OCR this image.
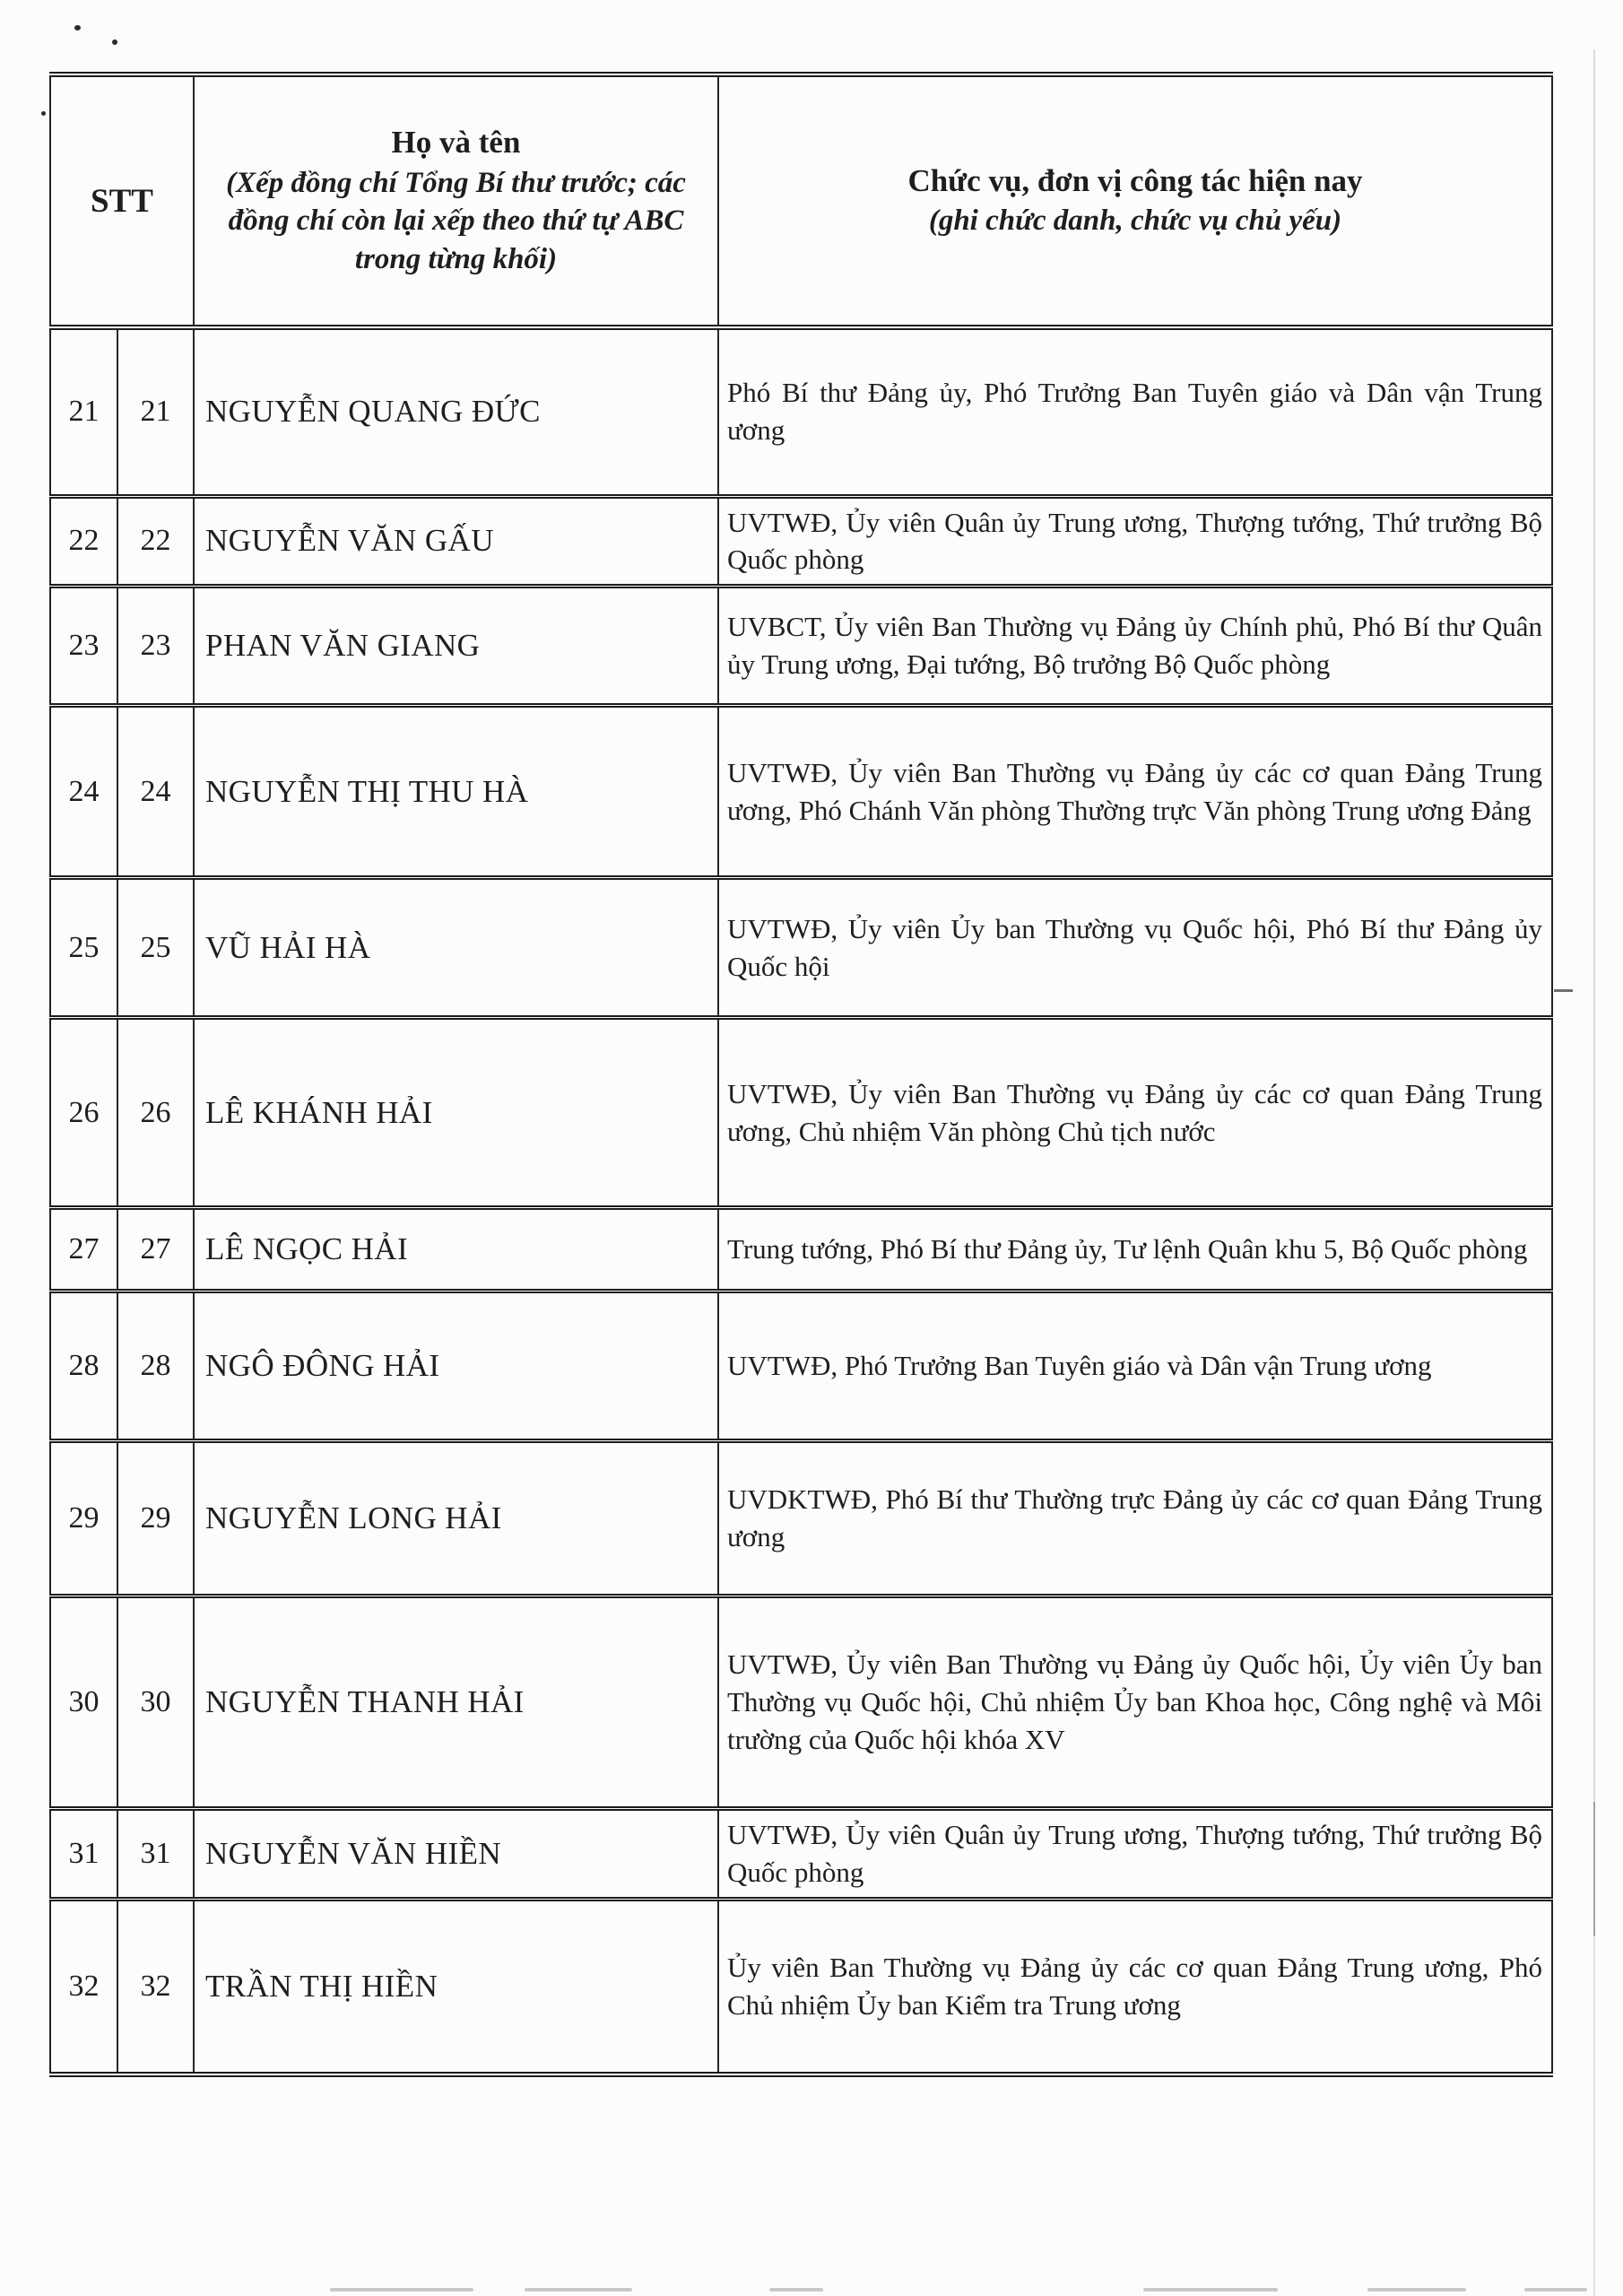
STT	
Họ và tên
(Xếp đồng chí Tổng Bí thư trước; các đồng chí còn lại xếp theo thứ tự ABC trong từng khối)

Chức vụ, đơn vị công tác hiện nay
(ghi chức danh, chức vụ chủ yếu)

21	21	NGUYỄN QUANG ĐỨC	Phó Bí thư Đảng ủy, Phó Trưởng Ban Tuyên giáo và Dân vận Trung ương
22	22	NGUYỄN VĂN GẤU	UVTWĐ, Ủy viên Quân ủy Trung ương, Thượng tướng, Thứ trưởng Bộ Quốc phòng
23	23	PHAN VĂN GIANG	UVBCT, Ủy viên Ban Thường vụ Đảng ủy Chính phủ, Phó Bí thư Quân ủy Trung ương, Đại tướng, Bộ trưởng Bộ Quốc phòng
24	24	NGUYỄN THỊ THU HÀ	UVTWĐ, Ủy viên Ban Thường vụ Đảng ủy các cơ quan Đảng Trung ương, Phó Chánh Văn phòng Thường trực Văn phòng Trung ương Đảng
25	25	VŨ HẢI HÀ	UVTWĐ, Ủy viên Ủy ban Thường vụ Quốc hội, Phó Bí thư Đảng ủy Quốc hội
26	26	LÊ KHÁNH HẢI	UVTWĐ, Ủy viên Ban Thường vụ Đảng ủy các cơ quan Đảng Trung ương, Chủ nhiệm Văn phòng Chủ tịch nước
27	27	LÊ NGỌC HẢI	Trung tướng, Phó Bí thư Đảng ủy, Tư lệnh Quân khu 5, Bộ Quốc phòng
28	28	NGÔ ĐÔNG HẢI	UVTWĐ, Phó Trưởng Ban Tuyên giáo và Dân vận Trung ương
29	29	NGUYỄN LONG HẢI	UVDKTWĐ, Phó Bí thư Thường trực Đảng ủy các cơ quan Đảng Trung ương
30	30	NGUYỄN THANH HẢI	UVTWĐ, Ủy viên Ban Thường vụ Đảng ủy Quốc hội, Ủy viên Ủy ban Thường vụ Quốc hội, Chủ nhiệm Ủy ban Khoa học, Công nghệ và Môi trường của Quốc hội khóa XV
31	31	NGUYỄN VĂN HIỀN	UVTWĐ, Ủy viên Quân ủy Trung ương, Thượng tướng, Thứ trưởng Bộ Quốc phòng
32	32	TRẦN THỊ HIỀN	Ủy viên Ban Thường vụ Đảng ủy các cơ quan Đảng Trung ương, Phó Chủ nhiệm Ủy ban Kiểm tra Trung ương
